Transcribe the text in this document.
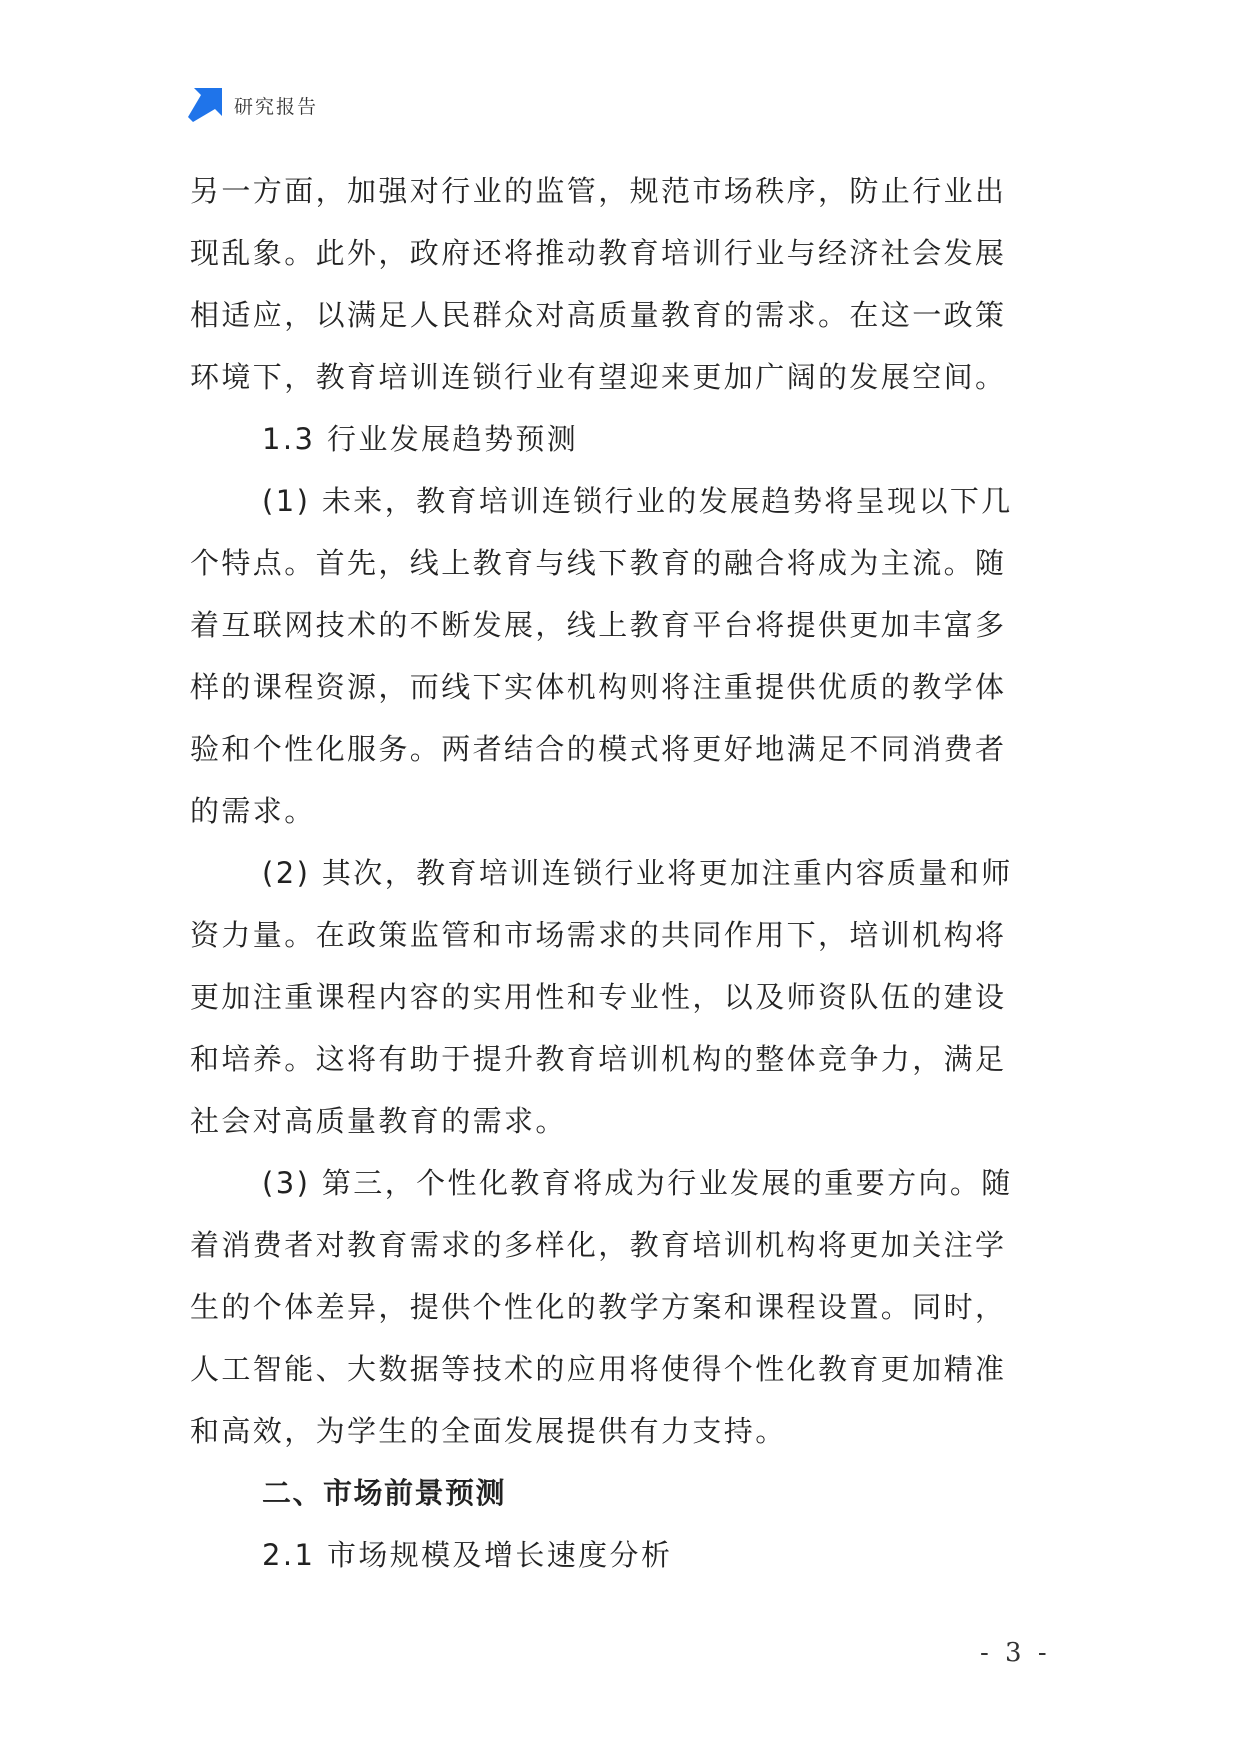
研究报告
另一方面，加强对行业的监管，规范市场秩序，防止行业出
现乱象。此外，政府还将推动教育培训行业与经济社会发展
相适应，以满足人民群众对高质量教育的需求。在这一政策
环境下，教育培训连锁行业有望迎来更加广阔的发展空间。
1.3 行业发展趋势预测
(1) 未来，教育培训连锁行业的发展趋势将呈现以下几
个特点。首先，线上教育与线下教育的融合将成为主流。随
着互联网技术的不断发展，线上教育平台将提供更加丰富多
样的课程资源，而线下实体机构则将注重提供优质的教学体
验和个性化服务。两者结合的模式将更好地满足不同消费者
的需求。
(2) 其次，教育培训连锁行业将更加注重内容质量和师
资力量。在政策监管和市场需求的共同作用下，培训机构将
更加注重课程内容的实用性和专业性，以及师资队伍的建设
和培养。这将有助于提升教育培训机构的整体竞争力，满足
社会对高质量教育的需求。
(3) 第三，个性化教育将成为行业发展的重要方向。随
着消费者对教育需求的多样化，教育培训机构将更加关注学
生的个体差异，提供个性化的教学方案和课程设置。同时，
人工智能、大数据等技术的应用将使得个性化教育更加精准
和高效，为学生的全面发展提供有力支持。
二、市场前景预测
2.1 市场规模及增长速度分析
- 3 -
